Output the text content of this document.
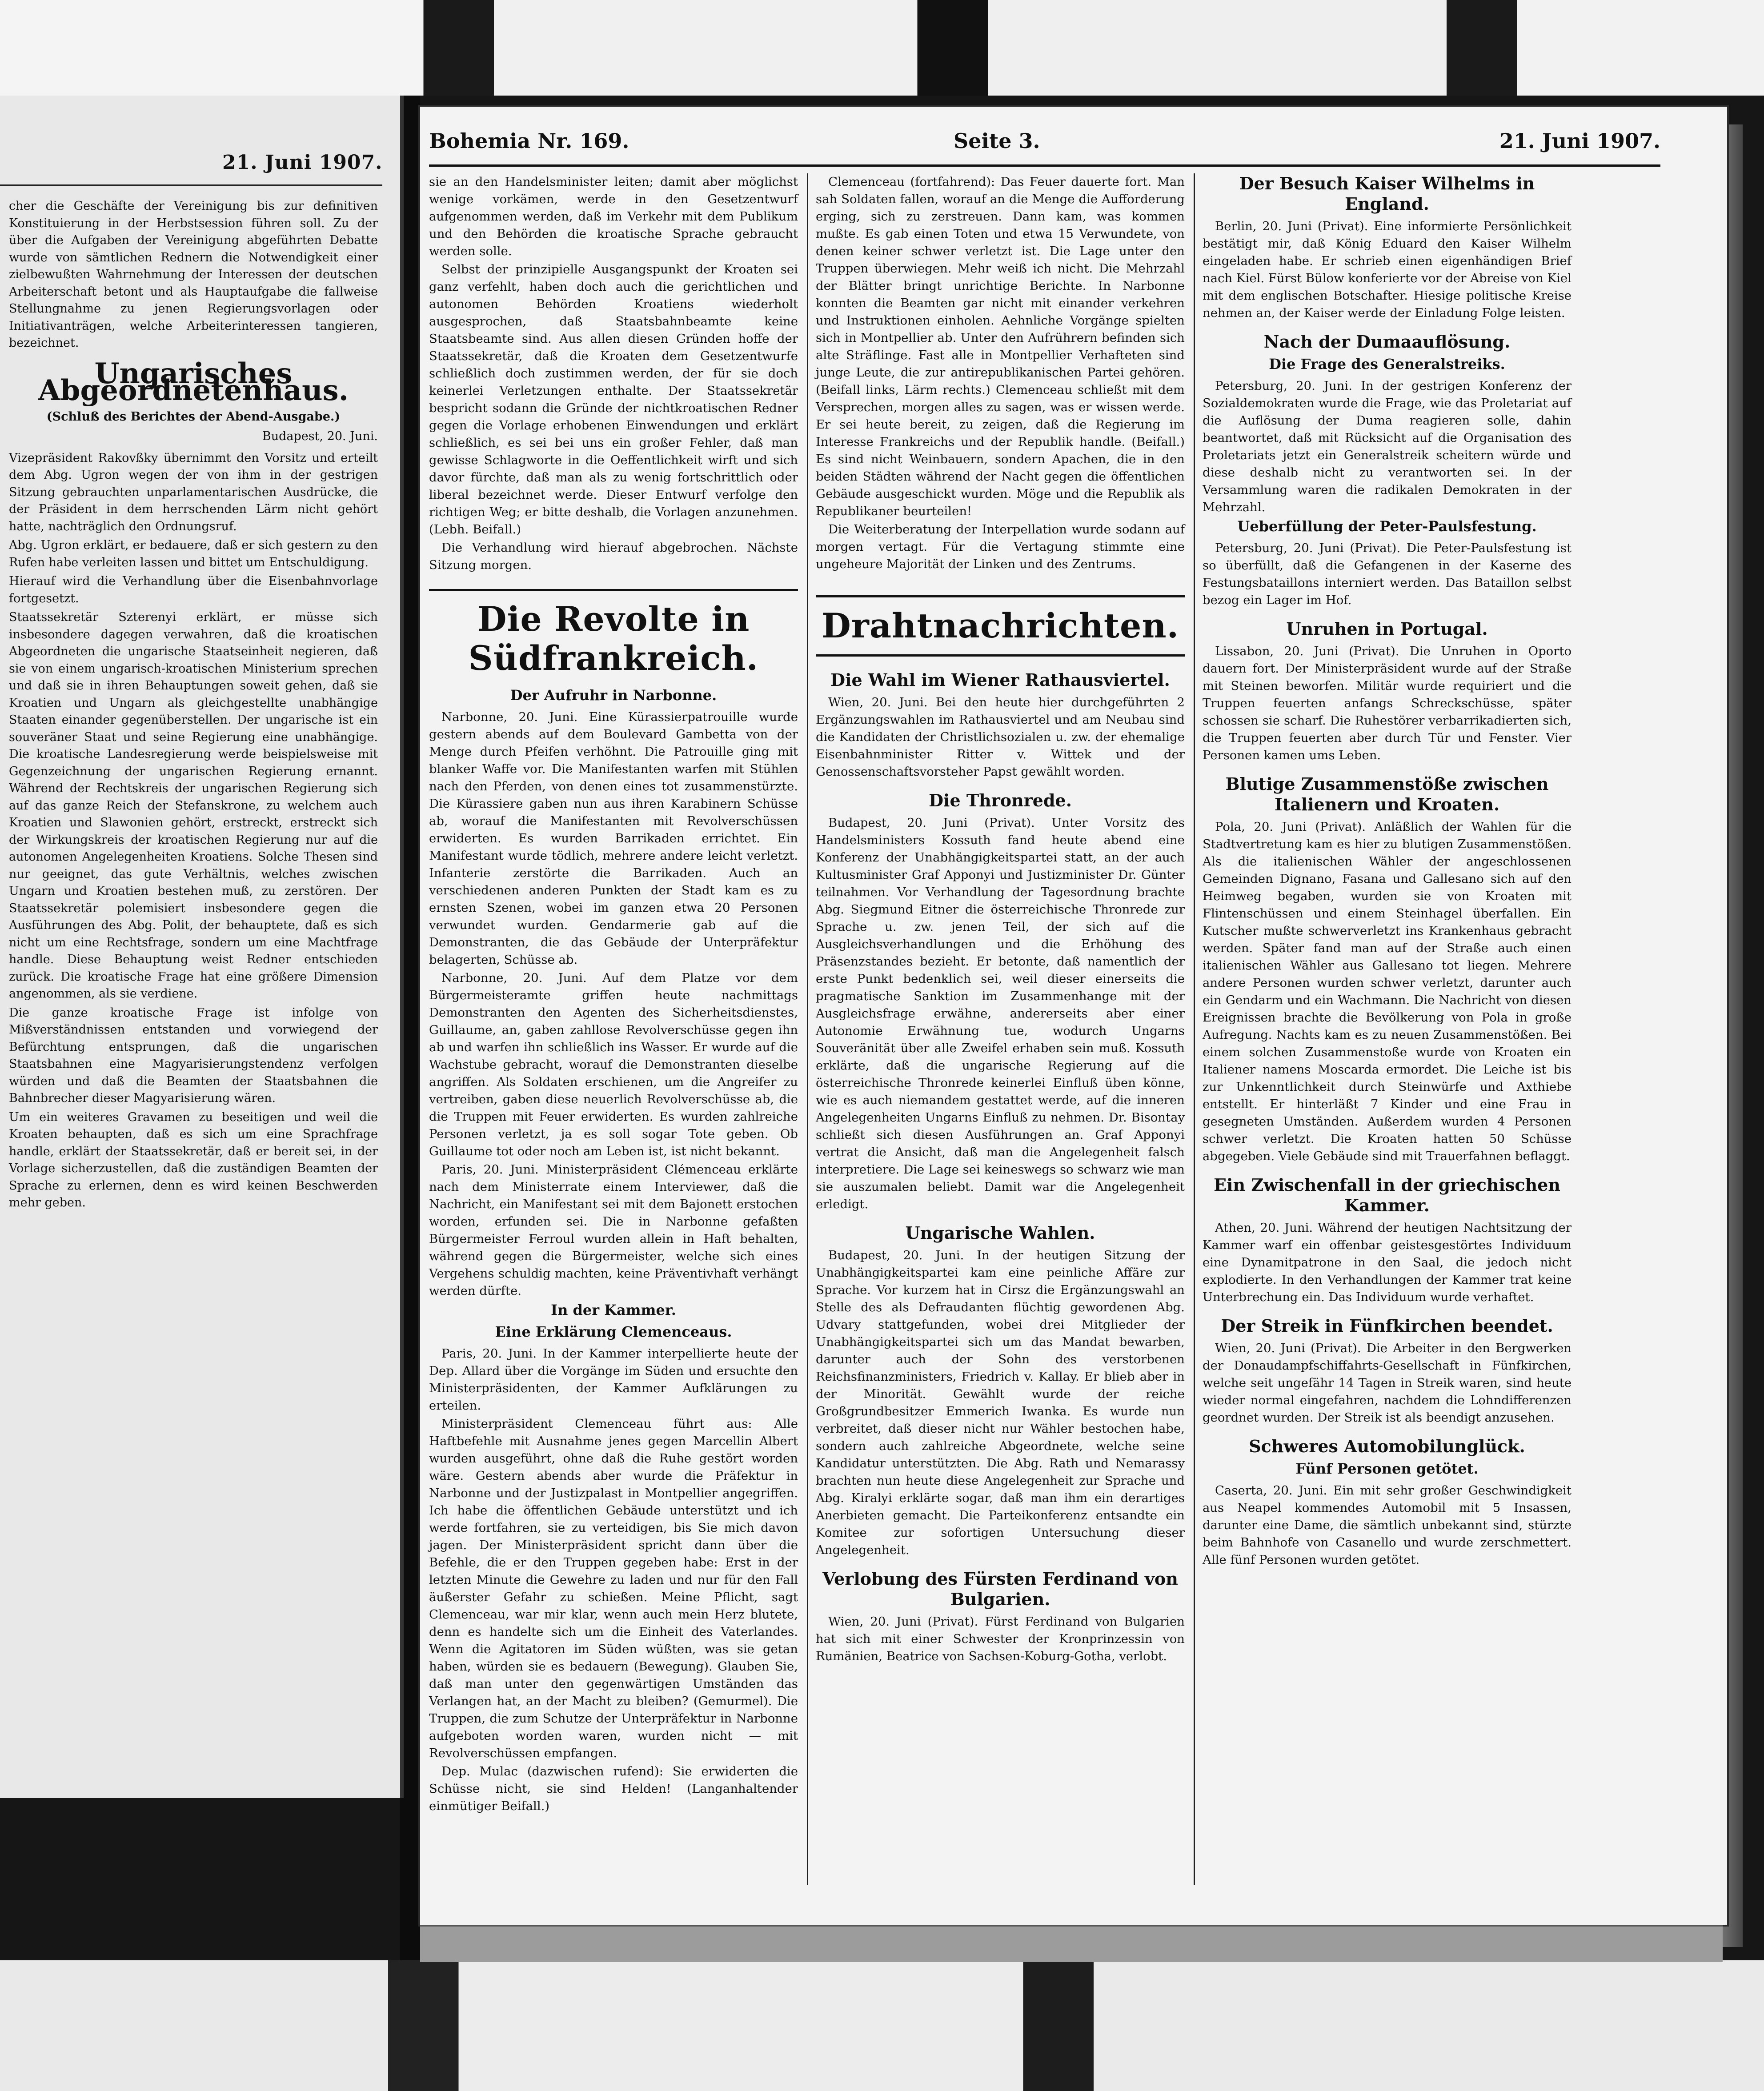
21. Juni 1907.

cher die Geschäfte der Vereinigung bis zur definitiven Konstituierung in der Herbstsession führen soll. Zu der über die Aufgaben der Vereinigung abgeführten Debatte wurde von sämtlichen Rednern die Notwendigkeit einer zielbewußten Wahrnehmung der Interessen der deutschen Arbeiterschaft betont und als Hauptaufgabe die fallweise Stellungnahme zu jenen Regierungsvorlagen oder Initiativanträgen, welche Arbeiterinteressen tangieren, bezeichnet.

Ungarisches Abgeordnetenhaus.
(Schluß des Berichtes der Abend-Ausgabe.)
Budapest, 20. Juni.

Vizepräsident Rakovßky übernimmt den Vorsitz und erteilt dem Abg. Ugron wegen der von ihm in der gestrigen Sitzung gebrauchten unparlamentarischen Ausdrücke, die der Präsident in dem herrschenden Lärm nicht gehört hatte, nachträglich den Ordnungsruf.

Abg. Ugron erklärt, er bedauere, daß er sich gestern zu den Rufen habe verleiten lassen und bittet um Entschuldigung.

Hierauf wird die Verhandlung über die Eisenbahnvorlage fortgesetzt.

Staatssekretär Szterenyi erklärt, er müsse sich insbesondere dagegen verwahren, daß die kroatischen Abgeordneten die ungarische Staatseinheit negieren, daß sie von einem ungarisch-kroatischen Ministerium sprechen und daß sie in ihren Behauptungen soweit gehen, daß sie Kroatien und Ungarn als gleichgestellte unabhängige Staaten einander gegenüberstellen. Der ungarische ist ein souveräner Staat und seine Regierung eine unabhängige. Die kroatische Landesregierung werde beispielsweise mit Gegenzeichnung der ungarischen Regierung ernannt. Während der Rechtskreis der ungarischen Regierung sich auf das ganze Reich der Stefanskrone, zu welchem auch Kroatien und Slawonien gehört, erstreckt, erstreckt sich der Wirkungskreis der kroatischen Regierung nur auf die autonomen Angelegenheiten Kroatiens. Solche Thesen sind nur geeignet, das gute Verhältnis, welches zwischen Ungarn und Kroatien bestehen muß, zu zerstören. Der Staatssekretär polemisiert insbesondere gegen die Ausführungen des Abg. Polit, der behauptete, daß es sich nicht um eine Rechtsfrage, sondern um eine Machtfrage handle. Diese Behauptung weist Redner entschieden zurück. Die kroatische Frage hat eine größere Dimension angenommen, als sie verdiene.

Die ganze kroatische Frage ist infolge von Mißverständnissen entstanden und vorwiegend der Befürchtung entsprungen, daß die ungarischen Staatsbahnen eine Magyarisierungstendenz verfolgen würden und daß die Beamten der Staatsbahnen die Bahnbrecher dieser Magyarisierung wären.

Um ein weiteres Gravamen zu beseitigen und weil die Kroaten behaupten, daß es sich um eine Sprachfrage handle, erklärt der Staatssekretär, daß er bereit sei, in der Vorlage sicherzustellen, daß die zuständigen Beamten der Sprache zu erlernen, denn es wird keinen Beschwerden mehr geben.

Bohemia Nr. 169.	Seite 3.	21. Juni 1907.

sie an den Handelsminister leiten; damit aber möglichst wenige vorkämen, werde in den Gesetzentwurf aufgenommen werden, daß im Verkehr mit dem Publikum und den Behörden die kroatische Sprache gebraucht werden solle.

Selbst der prinzipielle Ausgangspunkt der Kroaten sei ganz verfehlt, haben doch auch die gerichtlichen und autonomen Behörden Kroatiens wiederholt ausgesprochen, daß Staatsbahnbeamte keine Staatsbeamte sind. Aus allen diesen Gründen hoffe der Staatssekretär, daß die Kroaten dem Gesetzentwurfe schließlich doch zustimmen werden, der für sie doch keinerlei Verletzungen enthalte. Der Staatssekretär bespricht sodann die Gründe der nichtkroatischen Redner gegen die Vorlage erhobenen Einwendungen und erklärt schließlich, es sei bei uns ein großer Fehler, daß man gewisse Schlagworte in die Oeffentlichkeit wirft und sich davor fürchte, daß man als zu wenig fortschrittlich oder liberal bezeichnet werde. Dieser Entwurf verfolge den richtigen Weg; er bitte deshalb, die Vorlagen anzunehmen. (Lebh. Beifall.)

Die Verhandlung wird hierauf abgebrochen. Nächste Sitzung morgen.

Die Revolte in Südfrankreich.
Der Aufruhr in Narbonne.

Narbonne, 20. Juni. Eine Kürassierpatrouille wurde gestern abends auf dem Boulevard Gambetta von der Menge durch Pfeifen verhöhnt. Die Patrouille ging mit blanker Waffe vor. Die Manifestanten warfen mit Stühlen nach den Pferden, von denen eines tot zusammenstürzte. Die Kürassiere gaben nun aus ihren Karabinern Schüsse ab, worauf die Manifestanten mit Revolverschüssen erwiderten. Es wurden Barrikaden errichtet. Ein Manifestant wurde tödlich, mehrere andere leicht verletzt. Infanterie zerstörte die Barrikaden. Auch an verschiedenen anderen Punkten der Stadt kam es zu ernsten Szenen, wobei im ganzen etwa 20 Personen verwundet wurden. Gendarmerie gab auf die Demonstranten, die das Gebäude der Unterpräfektur belagerten, Schüsse ab.

Narbonne, 20. Juni. Auf dem Platze vor dem Bürgermeisteramte griffen heute nachmittags Demonstranten den Agenten des Sicherheitsdienstes, Guillaume, an, gaben zahllose Revolverschüsse gegen ihn ab und warfen ihn schließlich ins Wasser. Er wurde auf die Wachstube gebracht, worauf die Demonstranten dieselbe angriffen. Als Soldaten erschienen, um die Angreifer zu vertreiben, gaben diese neuerlich Revolverschüsse ab, die die Truppen mit Feuer erwiderten. Es wurden zahlreiche Personen verletzt, ja es soll sogar Tote geben. Ob Guillaume tot oder noch am Leben ist, ist nicht bekannt.

Paris, 20. Juni. Ministerpräsident Clémenceau erklärte nach dem Ministerrate einem Interviewer, daß die Nachricht, ein Manifestant sei mit dem Bajonett erstochen worden, erfunden sei. Die in Narbonne gefaßten Bürgermeister Ferroul wurden allein in Haft behalten, während gegen die Bürgermeister, welche sich eines Vergehens schuldig machten, keine Präventivhaft verhängt werden dürfte.

In der Kammer.
Eine Erklärung Clemenceaus.

Paris, 20. Juni. In der Kammer interpellierte heute der Dep. Allard über die Vorgänge im Süden und ersuchte den Ministerpräsidenten, der Kammer Aufklärungen zu erteilen.

Ministerpräsident Clemenceau führt aus: Alle Haftbefehle mit Ausnahme jenes gegen Marcellin Albert wurden ausgeführt, ohne daß die Ruhe gestört worden wäre. Gestern abends aber wurde die Präfektur in Narbonne und der Justizpalast in Montpellier angegriffen. Ich habe die öffentlichen Gebäude unterstützt und ich werde fortfahren, sie zu verteidigen, bis Sie mich davon jagen. Der Ministerpräsident spricht dann über die Befehle, die er den Truppen gegeben habe: Erst in der letzten Minute die Gewehre zu laden und nur für den Fall äußerster Gefahr zu schießen. Meine Pflicht, sagt Clemenceau, war mir klar, wenn auch mein Herz blutete, denn es handelte sich um die Einheit des Vaterlandes. Wenn die Agitatoren im Süden wüßten, was sie getan haben, würden sie es bedauern (Bewegung). Glauben Sie, daß man unter den gegenwärtigen Umständen das Verlangen hat, an der Macht zu bleiben? (Gemurmel). Die Truppen, die zum Schutze der Unterpräfektur in Narbonne aufgeboten worden waren, wurden nicht — mit Revolverschüssen empfangen.

Dep. Mulac (dazwischen rufend): Sie erwiderten die Schüsse nicht, sie sind Helden! (Langanhaltender einmütiger Beifall.)

Clemenceau (fortfahrend): Das Feuer dauerte fort. Man sah Soldaten fallen, worauf an die Menge die Aufforderung erging, sich zu zerstreuen. Dann kam, was kommen mußte. Es gab einen Toten und etwa 15 Verwundete, von denen keiner schwer verletzt ist. Die Lage unter den Truppen überwiegen. Mehr weiß ich nicht. Die Mehrzahl der Blätter bringt unrichtige Berichte. In Narbonne konnten die Beamten gar nicht mit einander verkehren und Instruktionen einholen. Aehnliche Vorgänge spielten sich in Montpellier ab. Unter den Aufrührern befinden sich alte Sträflinge. Fast alle in Montpellier Verhafteten sind junge Leute, die zur antirepublikanischen Partei gehören. (Beifall links, Lärm rechts.) Clemenceau schließt mit dem Versprechen, morgen alles zu sagen, was er wissen werde. Er sei heute bereit, zu zeigen, daß die Regierung im Interesse Frankreichs und der Republik handle. (Beifall.) Es sind nicht Weinbauern, sondern Apachen, die in den beiden Städten während der Nacht gegen die öffentlichen Gebäude ausgeschickt wurden. Möge und die Republik als Republikaner beurteilen!

Die Weiterberatung der Interpellation wurde sodann auf morgen vertagt. Für die Vertagung stimmte eine ungeheure Majorität der Linken und des Zentrums.

Drahtnachrichten.
Die Wahl im Wiener Rathausviertel.

Wien, 20. Juni. Bei den heute hier durchgeführten 2 Ergänzungswahlen im Rathausviertel und am Neubau sind die Kandidaten der Christlichsozialen u. zw. der ehemalige Eisenbahnminister Ritter v. Wittek und der Genossenschaftsvorsteher Papst gewählt worden.

Die Thronrede.

Budapest, 20. Juni (Privat). Unter Vorsitz des Handelsministers Kossuth fand heute abend eine Konferenz der Unabhängigkeitspartei statt, an der auch Kultusminister Graf Apponyi und Justizminister Dr. Günter teilnahmen. Vor Verhandlung der Tagesordnung brachte Abg. Siegmund Eitner die österreichische Thronrede zur Sprache u. zw. jenen Teil, der sich auf die Ausgleichsverhandlungen und die Erhöhung des Präsenzstandes bezieht. Er betonte, daß namentlich der erste Punkt bedenklich sei, weil dieser einerseits die pragmatische Sanktion im Zusammenhange mit der Ausgleichsfrage erwähne, andererseits aber einer Autonomie Erwähnung tue, wodurch Ungarns Souveränität über alle Zweifel erhaben sein muß. Kossuth erklärte, daß die ungarische Regierung auf die österreichische Thronrede keinerlei Einfluß üben könne, wie es auch niemandem gestattet werde, auf die inneren Angelegenheiten Ungarns Einfluß zu nehmen. Dr. Bisontay schließt sich diesen Ausführungen an. Graf Apponyi vertrat die Ansicht, daß man die Angelegenheit falsch interpretiere. Die Lage sei keineswegs so schwarz wie man sie auszumalen beliebt. Damit war die Angelegenheit erledigt.

Ungarische Wahlen.

Budapest, 20. Juni. In der heutigen Sitzung der Unabhängigkeitspartei kam eine peinliche Affäre zur Sprache. Vor kurzem hat in Cirsz die Ergänzungswahl an Stelle des als Defraudanten flüchtig gewordenen Abg. Udvary stattgefunden, wobei drei Mitglieder der Unabhängigkeitspartei sich um das Mandat bewarben, darunter auch der Sohn des verstorbenen Reichsfinanzministers, Friedrich v. Kallay. Er blieb aber in der Minorität. Gewählt wurde der reiche Großgrundbesitzer Emmerich Iwanka. Es wurde nun verbreitet, daß dieser nicht nur Wähler bestochen habe, sondern auch zahlreiche Abgeordnete, welche seine Kandidatur unterstützten. Die Abg. Rath und Nemarassy brachten nun heute diese Angelegenheit zur Sprache und Abg. Kiralyi erklärte sogar, daß man ihm ein derartiges Anerbieten gemacht. Die Parteikonferenz entsandte ein Komitee zur sofortigen Untersuchung dieser Angelegenheit.

Verlobung des Fürsten Ferdinand von Bulgarien.

Wien, 20. Juni (Privat). Fürst Ferdinand von Bulgarien hat sich mit einer Schwester der Kronprinzessin von Rumänien, Beatrice von Sachsen-Koburg-Gotha, verlobt.

Der Besuch Kaiser Wilhelms in England.

Berlin, 20. Juni (Privat). Eine informierte Persönlichkeit bestätigt mir, daß König Eduard den Kaiser Wilhelm eingeladen habe. Er schrieb einen eigenhändigen Brief nach Kiel. Fürst Bülow konferierte vor der Abreise von Kiel mit dem englischen Botschafter. Hiesige politische Kreise nehmen an, der Kaiser werde der Einladung Folge leisten.

Nach der Dumaauflösung.
Die Frage des Generalstreiks.

Petersburg, 20. Juni. In der gestrigen Konferenz der Sozialdemokraten wurde die Frage, wie das Proletariat auf die Auflösung der Duma reagieren solle, dahin beantwortet, daß mit Rücksicht auf die Organisation des Proletariats jetzt ein Generalstreik scheitern würde und diese deshalb nicht zu verantworten sei. In der Versammlung waren die radikalen Demokraten in der Mehrzahl.

Ueberfüllung der Peter-Paulsfestung.

Petersburg, 20. Juni (Privat). Die Peter-Paulsfestung ist so überfüllt, daß die Gefangenen in der Kaserne des Festungsbataillons interniert werden. Das Bataillon selbst bezog ein Lager im Hof.

Unruhen in Portugal.

Lissabon, 20. Juni (Privat). Die Unruhen in Oporto dauern fort. Der Ministerpräsident wurde auf der Straße mit Steinen beworfen. Militär wurde requiriert und die Truppen feuerten anfangs Schreckschüsse, später schossen sie scharf. Die Ruhestörer verbarrikadierten sich, die Truppen feuerten aber durch Tür und Fenster. Vier Personen kamen ums Leben.

Blutige Zusammenstöße zwischen Italienern und Kroaten.

Pola, 20. Juni (Privat). Anläßlich der Wahlen für die Stadtvertretung kam es hier zu blutigen Zusammenstößen. Als die italienischen Wähler der angeschlossenen Gemeinden Dignano, Fasana und Gallesano sich auf den Heimweg begaben, wurden sie von Kroaten mit Flintenschüssen und einem Steinhagel überfallen. Ein Kutscher mußte schwerverletzt ins Krankenhaus gebracht werden. Später fand man auf der Straße auch einen italienischen Wähler aus Gallesano tot liegen. Mehrere andere Personen wurden schwer verletzt, darunter auch ein Gendarm und ein Wachmann. Die Nachricht von diesen Ereignissen brachte die Bevölkerung von Pola in große Aufregung. Nachts kam es zu neuen Zusammenstößen. Bei einem solchen Zusammenstoße wurde von Kroaten ein Italiener namens Moscarda ermordet. Die Leiche ist bis zur Unkenntlichkeit durch Steinwürfe und Axthiebe entstellt. Er hinterläßt 7 Kinder und eine Frau in gesegneten Umständen. Außerdem wurden 4 Personen schwer verletzt. Die Kroaten hatten 50 Schüsse abgegeben. Viele Gebäude sind mit Trauerfahnen beflaggt.

Ein Zwischenfall in der griechischen Kammer.

Athen, 20. Juni. Während der heutigen Nachtsitzung der Kammer warf ein offenbar geistesgestörtes Individuum eine Dynamitpatrone in den Saal, die jedoch nicht explodierte. In den Verhandlungen der Kammer trat keine Unterbrechung ein. Das Individuum wurde verhaftet.

Der Streik in Fünfkirchen beendet.

Wien, 20. Juni (Privat). Die Arbeiter in den Bergwerken der Donaudampfschiffahrts-Gesellschaft in Fünfkirchen, welche seit ungefähr 14 Tagen in Streik waren, sind heute wieder normal eingefahren, nachdem die Lohndifferenzen geordnet wurden. Der Streik ist als beendigt anzusehen.

Schweres Automobilunglück.
Fünf Personen getötet.

Caserta, 20. Juni. Ein mit sehr großer Geschwindigkeit aus Neapel kommendes Automobil mit 5 Insassen, darunter eine Dame, die sämtlich unbekannt sind, stürzte beim Bahnhofe von Casanello und wurde zerschmettert. Alle fünf Personen wurden getötet.
